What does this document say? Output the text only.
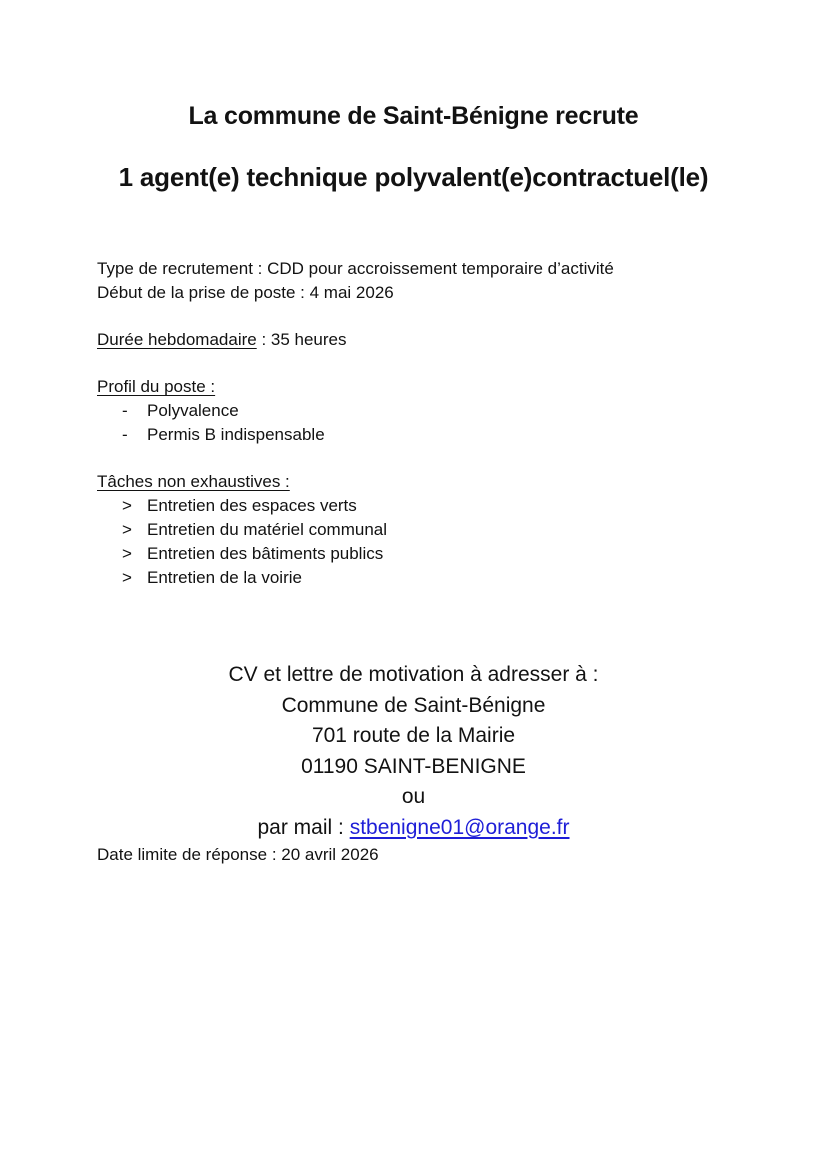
La commune de Saint-Bénigne recrute
1 agent(e) technique polyvalent(e)contractuel(le)

Type de recrutement : CDD pour accroissement temporaire d’activité

Début de la prise de poste : 4 mai 2026

Durée hebdomadaire : 35 heures

Profil du poste :

-	Polyvalence
-	Permis B indispensable

Tâches non exhaustives :

> Entretien des espaces verts
> Entretien du matériel communal
> Entretien des bâtiments publics
> Entretien de la voirie

CV et lettre de motivation à adresser à :

Commune de Saint-Bénigne

701 route de la Mairie

01190 SAINT-BENIGNE

ou

par mail : stbenigne01@orange.fr

Date limite de réponse : 20 avril 2026
